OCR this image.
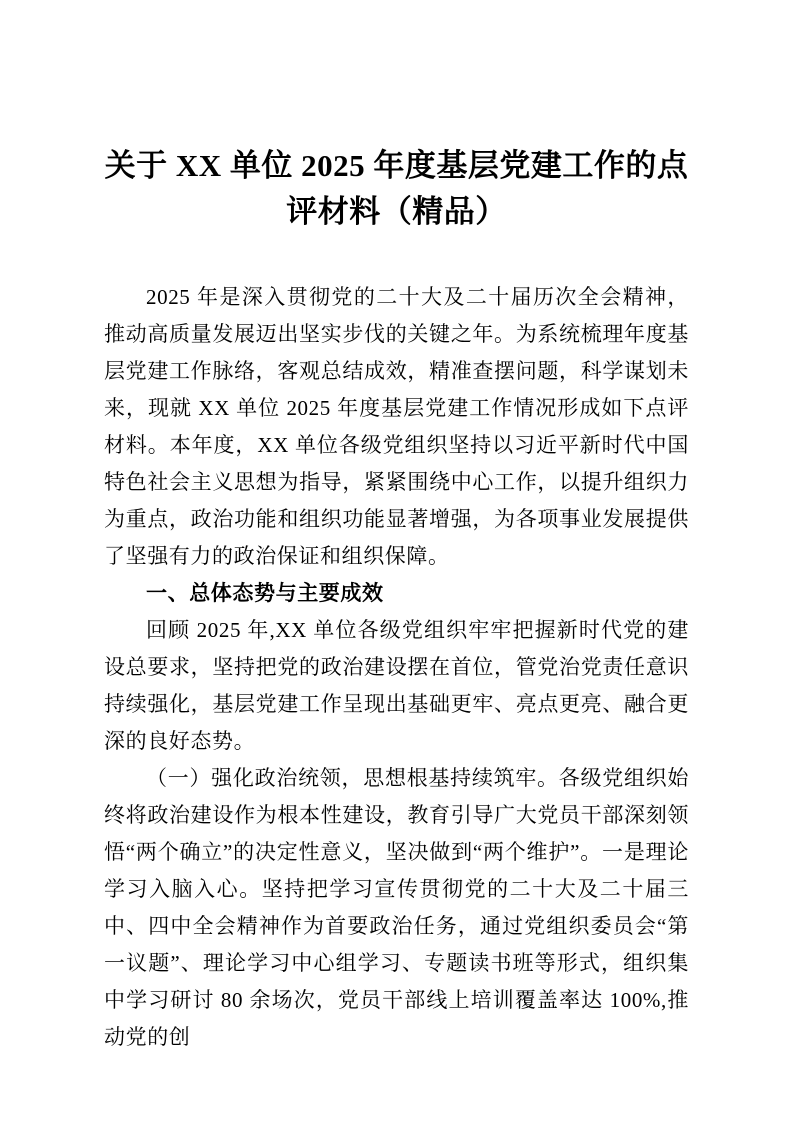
关于 XX 单位 2025 年度基层党建工作的点
评材料（精品）

2025 年是深入贯彻党的二十大及二十届历次全会精神，推动高质量发展迈出坚实步伐的关键之年。为系统梳理年度基层党建工作脉络，客观总结成效，精准查摆问题，科学谋划未来，现就 XX 单位 2025 年度基层党建工作情况形成如下点评材料。本年度，XX 单位各级党组织坚持以习近平新时代中国特色社会主义思想为指导，紧紧围绕中心工作，以提升组织力为重点，政治功能和组织功能显著增强，为各项事业发展提供了坚强有力的政治保证和组织保障。

一、总体态势与主要成效

回顾 2025 年,XX 单位各级党组织牢牢把握新时代党的建设总要求，坚持把党的政治建设摆在首位，管党治党责任意识持续强化，基层党建工作呈现出基础更牢、亮点更亮、融合更深的良好态势。

（一）强化政治统领，思想根基持续筑牢。各级党组织始终将政治建设作为根本性建设，教育引导广大党员干部深刻领悟“两个确立”的决定性意义，坚决做到“两个维护”。一是理论学习入脑入心。坚持把学习宣传贯彻党的二十大及二十届三中、四中全会精神作为首要政治任务，通过党组织委员会“第一议题”、理论学习中心组学习、专题读书班等形式，组织集中学习研讨 80 余场次，党员干部线上培训覆盖率达 100%,推动党的创
